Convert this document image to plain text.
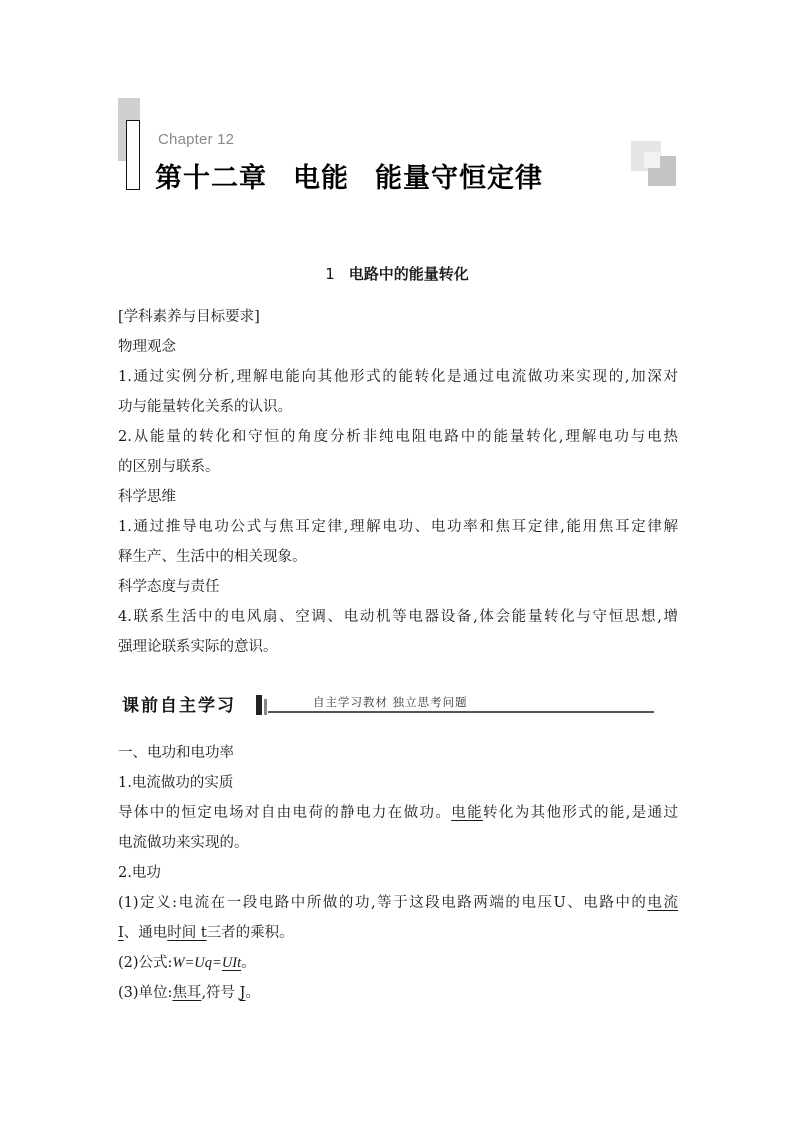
Chapter 12
第十二章 电能 能量守恒定律
1 电路中的能量转化
[学科素养与目标要求]
物理观念
1.通过实例分析,理解电能向其他形式的能转化是通过电流做功来实现的,加深对
功与能量转化关系的认识。
2.从能量的转化和守恒的角度分析非纯电阻电路中的能量转化,理解电功与电热
的区别与联系。
科学思维
1.通过推导电功公式与焦耳定律,理解电功、电功率和焦耳定律,能用焦耳定律解
释生产、生活中的相关现象。
科学态度与责任
4.联系生活中的电风扇、空调、电动机等电器设备,体会能量转化与守恒思想,增
强理论联系实际的意识。
课前自主学习	自主学习教材 独立思考问题
一、电功和电功率
1.电流做功的实质
导体中的恒定电场对自由电荷的静电力在做功。电能转化为其他形式的能,是通过
电流做功来实现的。
2.电功
(1)定义:电流在一段电路中所做的功,等于这段电路两端的电压U、电路中的电流
I、通电时间 t三者的乘积。
(2)公式:W=Uq=UIt。
(3)单位:焦耳,符号 J。
